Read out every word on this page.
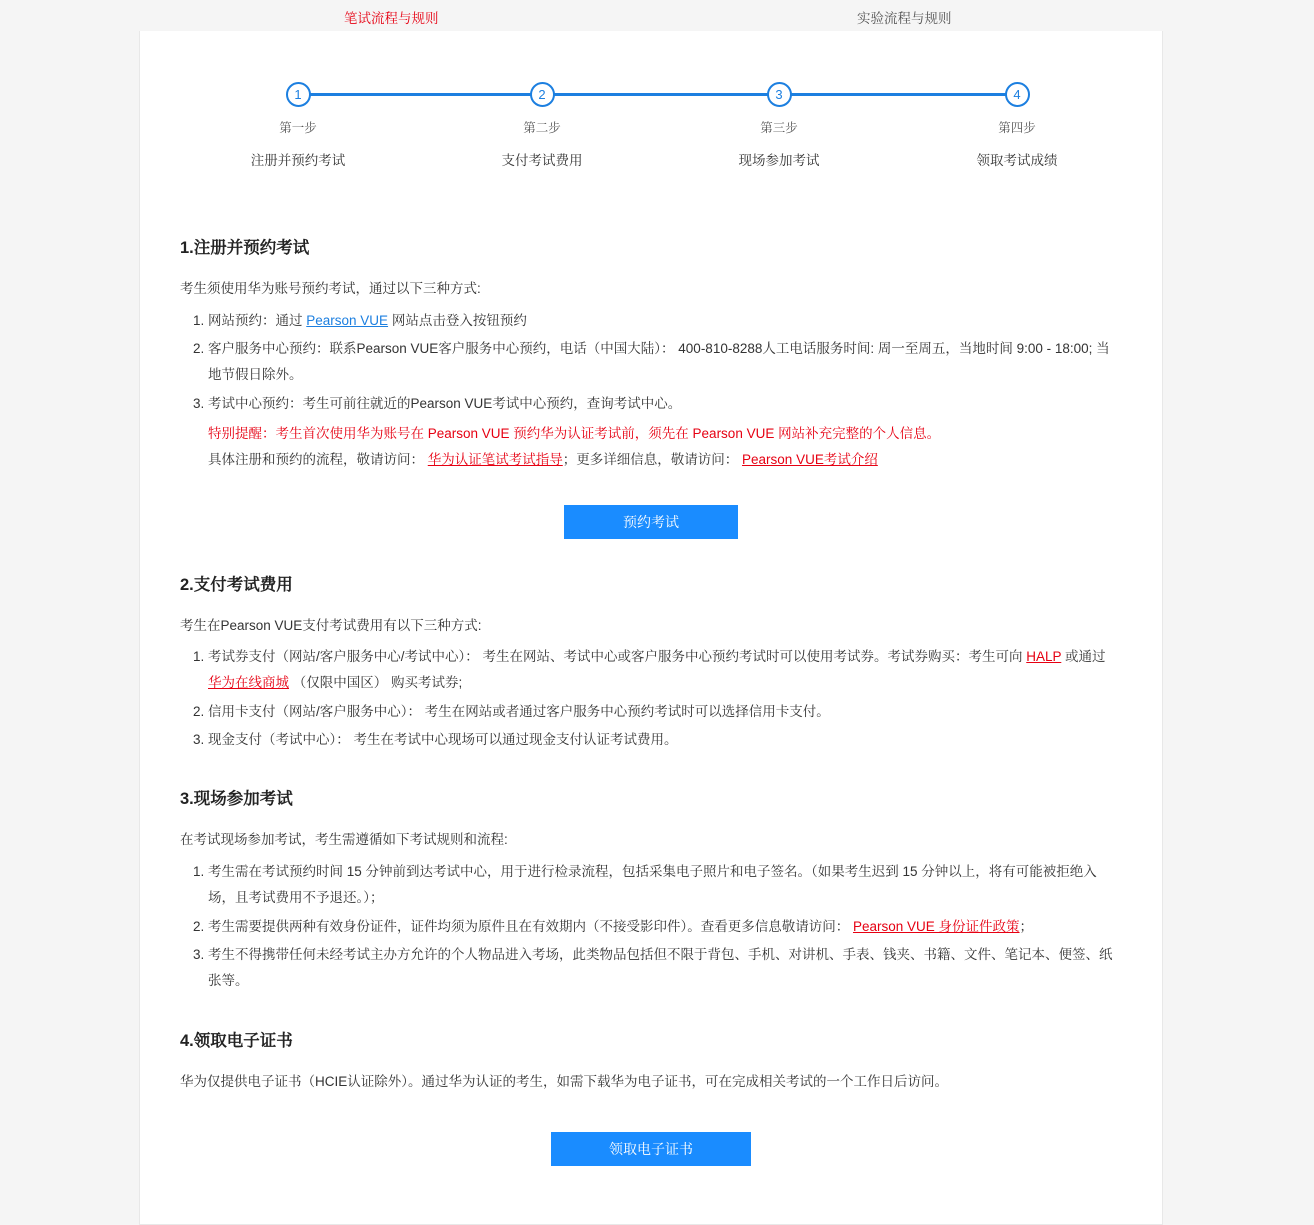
笔试流程与规则	实验流程与规则
1
第一步
注册并预约考试
2
第二步
支付考试费用
3
第三步
现场参加考试
4
第四步
领取考试成绩
1.注册并预约考试

考生须使用华为账号预约考试，通过以下三种方式:

1. 网站预约：通过 Pearson VUE 网站点击登入按钮预约
2. 客户服务中心预约：联系Pearson VUE客户服务中心预约，电话（中国大陆）： 400-810-8288人工电话服务时间: 周一至周五，当地时间 9:00 - 18:00; 当地节假日除外。
3. 考试中心预约：考生可前往就近的Pearson VUE考试中心预约，查询考试中心。
特别提醒：考生首次使用华为账号在 Pearson VUE 预约华为认证考试前，须先在 Pearson VUE 网站补充完整的个人信息。
具体注册和预约的流程，敬请访问： 华为认证笔试考试指导；更多详细信息，敬请访问： Pearson VUE考试介绍
预约考试
2.支付考试费用

考生在Pearson VUE支付考试费用有以下三种方式:

1. 考试券支付（网站/客户服务中心/考试中心）： 考生在网站、考试中心或客户服务中心预约考试时可以使用考试券。考试券购买：考生可向 HALP 或通过 华为在线商城 （仅限中国区） 购买考试券;
2. 信用卡支付（网站/客户服务中心）： 考生在网站或者通过客户服务中心预约考试时可以选择信用卡支付。
3. 现金支付（考试中心）： 考生在考试中心现场可以通过现金支付认证考试费用。
3.现场参加考试

在考试现场参加考试，考生需遵循如下考试规则和流程:

1. 考生需在考试预约时间 15 分钟前到达考试中心，用于进行检录流程，包括采集电子照片和电子签名。（如果考生迟到 15 分钟以上，将有可能被拒绝入场，且考试费用不予退还。）；
2. 考生需要提供两种有效身份证件，证件均须为原件且在有效期内（不接受影印件）。查看更多信息敬请访问： Pearson VUE 身份证件政策；
3. 考生不得携带任何未经考试主办方允许的个人物品进入考场，此类物品包括但不限于背包、手机、对讲机、手表、钱夹、书籍、文件、笔记本、便签、纸张等。
4.领取电子证书

华为仅提供电子证书（HCIE认证除外）。通过华为认证的考生，如需下载华为电子证书，可在完成相关考试的一个工作日后访问。

领取电子证书
